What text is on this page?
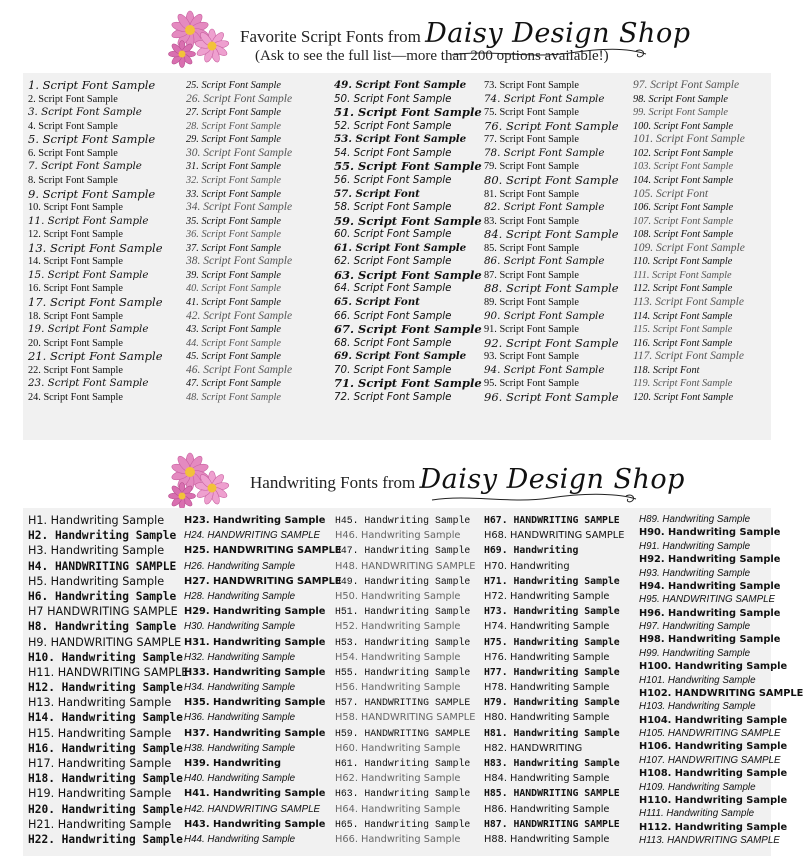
Favorite Script Fonts from Daisy Design Shop
(Ask to see the full list—more than 200 options available!)
1. Script Font Sample
2. Script Font Sample
3. Script Font Sample
4. Script Font Sample
5. Script Font Sample
6. Script Font Sample
7. Script Font Sample
8. Script Font Sample
9. Script Font Sample
10. Script Font Sample
11. Script Font Sample
12. Script Font Sample
13. Script Font Sample
14. Script Font Sample
15. Script Font Sample
16. Script Font Sample
17. Script Font Sample
18. Script Font Sample
19. Script Font Sample
20. Script Font Sample
21. Script Font Sample
22. Script Font Sample
23. Script Font Sample
24. Script Font Sample
25. Script Font Sample
26. Script Font Sample
27. Script Font Sample
28. Script Font Sample
29. Script Font Sample
30. Script Font Sample
31. Script Font Sample
32. Script Font Sample
33. Script Font Sample
34. Script Font Sample
35. Script Font Sample
36. Script Font Sample
37. Script Font Sample
38. Script Font Sample
39. Script Font Sample
40. Script Font Sample
41. Script Font Sample
42. Script Font Sample
43. Script Font Sample
44. Script Font Sample
45. Script Font Sample
46. Script Font Sample
47. Script Font Sample
48. Script Font Sample
49. Script Font Sample
50. Script Font Sample
51. Script Font Sample
52. Script Font Sample
53. Script Font Sample
54. Script Font Sample
55. Script Font Sample
56. Script Font Sample
57. Script Font
58. Script Font Sample
59. Script Font Sample
60. Script Font Sample
61. Script Font Sample
62. Script Font Sample
63. Script Font Sample
64. Script Font Sample
65. Script Font
66. Script Font Sample
67. Script Font Sample
68. Script Font Sample
69. Script Font Sample
70. Script Font Sample
71. Script Font Sample
72. Script Font Sample
73. Script Font Sample
74. Script Font Sample
75. Script Font Sample
76. Script Font Sample
77. Script Font Sample
78. Script Font Sample
79. Script Font Sample
80. Script Font Sample
81. Script Font Sample
82. Script Font Sample
83. Script Font Sample
84. Script Font Sample
85. Script Font Sample
86. Script Font Sample
87. Script Font Sample
88. Script Font Sample
89. Script Font Sample
90. Script Font Sample
91. Script Font Sample
92. Script Font Sample
93. Script Font Sample
94. Script Font Sample
95. Script Font Sample
96. Script Font Sample
97. Script Font Sample
98. Script Font Sample
99. Script Font Sample
100. Script Font Sample
101. Script Font Sample
102. Script Font Sample
103. Script Font Sample
104. Script Font Sample
105. Script Font
106. Script Font Sample
107. Script Font Sample
108. Script Font Sample
109. Script Font Sample
110. Script Font Sample
111. Script Font Sample
112. Script Font Sample
113. Script Font Sample
114. Script Font Sample
115. Script Font Sample
116. Script Font Sample
117. Script Font Sample
118. Script Font
119. Script Font Sample
120. Script Font Sample
Handwriting Fonts from Daisy Design Shop
H1. Handwriting Sample
H2. Handwriting Sample
H3. Handwriting Sample
H4. HANDWRITING SAMPLE
H5. Handwriting Sample
H6. Handwriting Sample
H7 HANDWRITING SAMPLE
H8. Handwriting Sample
H9. HANDWRITING SAMPLE
H10. Handwriting Sample
H11. HANDWRITING SAMPLE
H12. Handwriting Sample
H13. Handwriting Sample
H14. Handwriting Sample
H15. Handwriting Sample
H16. Handwriting Sample
H17. Handwriting Sample
H18. Handwriting Sample
H19. Handwriting Sample
H20. Handwriting Sample
H21. Handwriting Sample
H22. Handwriting Sample
H23. Handwriting Sample
H24. HANDWRITING SAMPLE
H25. HANDWRITING SAMPLE
H26. Handwriting Sample
H27. HANDWRITING SAMPLE
H28. Handwriting Sample
H29. Handwriting Sample
H30. Handwriting Sample
H31. Handwriting Sample
H32. Handwriting Sample
H33. Handwriting Sample
H34. Handwriting Sample
H35. Handwriting Sample
H36. Handwriting Sample
H37. Handwriting Sample
H38. Handwriting Sample
H39. Handwriting
H40. Handwriting Sample
H41. Handwriting Sample
H42. HANDWRITING SAMPLE
H43. Handwriting Sample
H44. Handwriting Sample
H45. Handwriting Sample
H46. Handwriting Sample
H47. Handwriting Sample
H48. HANDWRITING SAMPLE
H49. Handwriting Sample
H50. Handwriting Sample
H51. Handwriting Sample
H52. Handwriting Sample
H53. Handwriting Sample
H54. Handwriting Sample
H55. Handwriting Sample
H56. Handwriting Sample
H57. HANDWRITING SAMPLE
H58. HANDWRITING SAMPLE
H59. HANDWRITING SAMPLE
H60. Handwriting Sample
H61. Handwriting Sample
H62. Handwriting Sample
H63. Handwriting Sample
H64. Handwriting Sample
H65. Handwriting Sample
H66. Handwriting Sample
H67. HANDWRITING SAMPLE
H68. HANDWRITING SAMPLE
H69. Handwriting
H70. Handwriting
H71. Handwriting Sample
H72. Handwriting Sample
H73. Handwriting Sample
H74. Handwriting Sample
H75. Handwriting Sample
H76. Handwriting Sample
H77. Handwriting Sample
H78. Handwriting Sample
H79. Handwriting Sample
H80. Handwriting Sample
H81. Handwriting Sample
H82. HANDWRITING
H83. Handwriting Sample
H84. Handwriting Sample
H85. HANDWRITING SAMPLE
H86. Handwriting Sample
H87. HANDWRITING SAMPLE
H88. Handwriting Sample
H89. Handwriting Sample
H90. Handwriting Sample
H91. Handwriting Sample
H92. Handwriting Sample
H93. Handwriting Sample
H94. Handwriting Sample
H95. HANDWRITING SAMPLE
H96. Handwriting Sample
H97. Handwriting Sample
H98. Handwriting Sample
H99. Handwriting Sample
H100. Handwriting Sample
H101. Handwriting Sample
H102. HANDWRITING SAMPLE
H103. Handwriting Sample
H104. Handwriting Sample
H105. HANDWRITING SAMPLE
H106. Handwriting Sample
H107. HANDWRITING SAMPLE
H108. Handwriting Sample
H109. Handwriting Sample
H110. Handwriting Sample
H111. Handwriting Sample
H112. Handwriting Sample
H113. HANDWRITING SAMPLE
